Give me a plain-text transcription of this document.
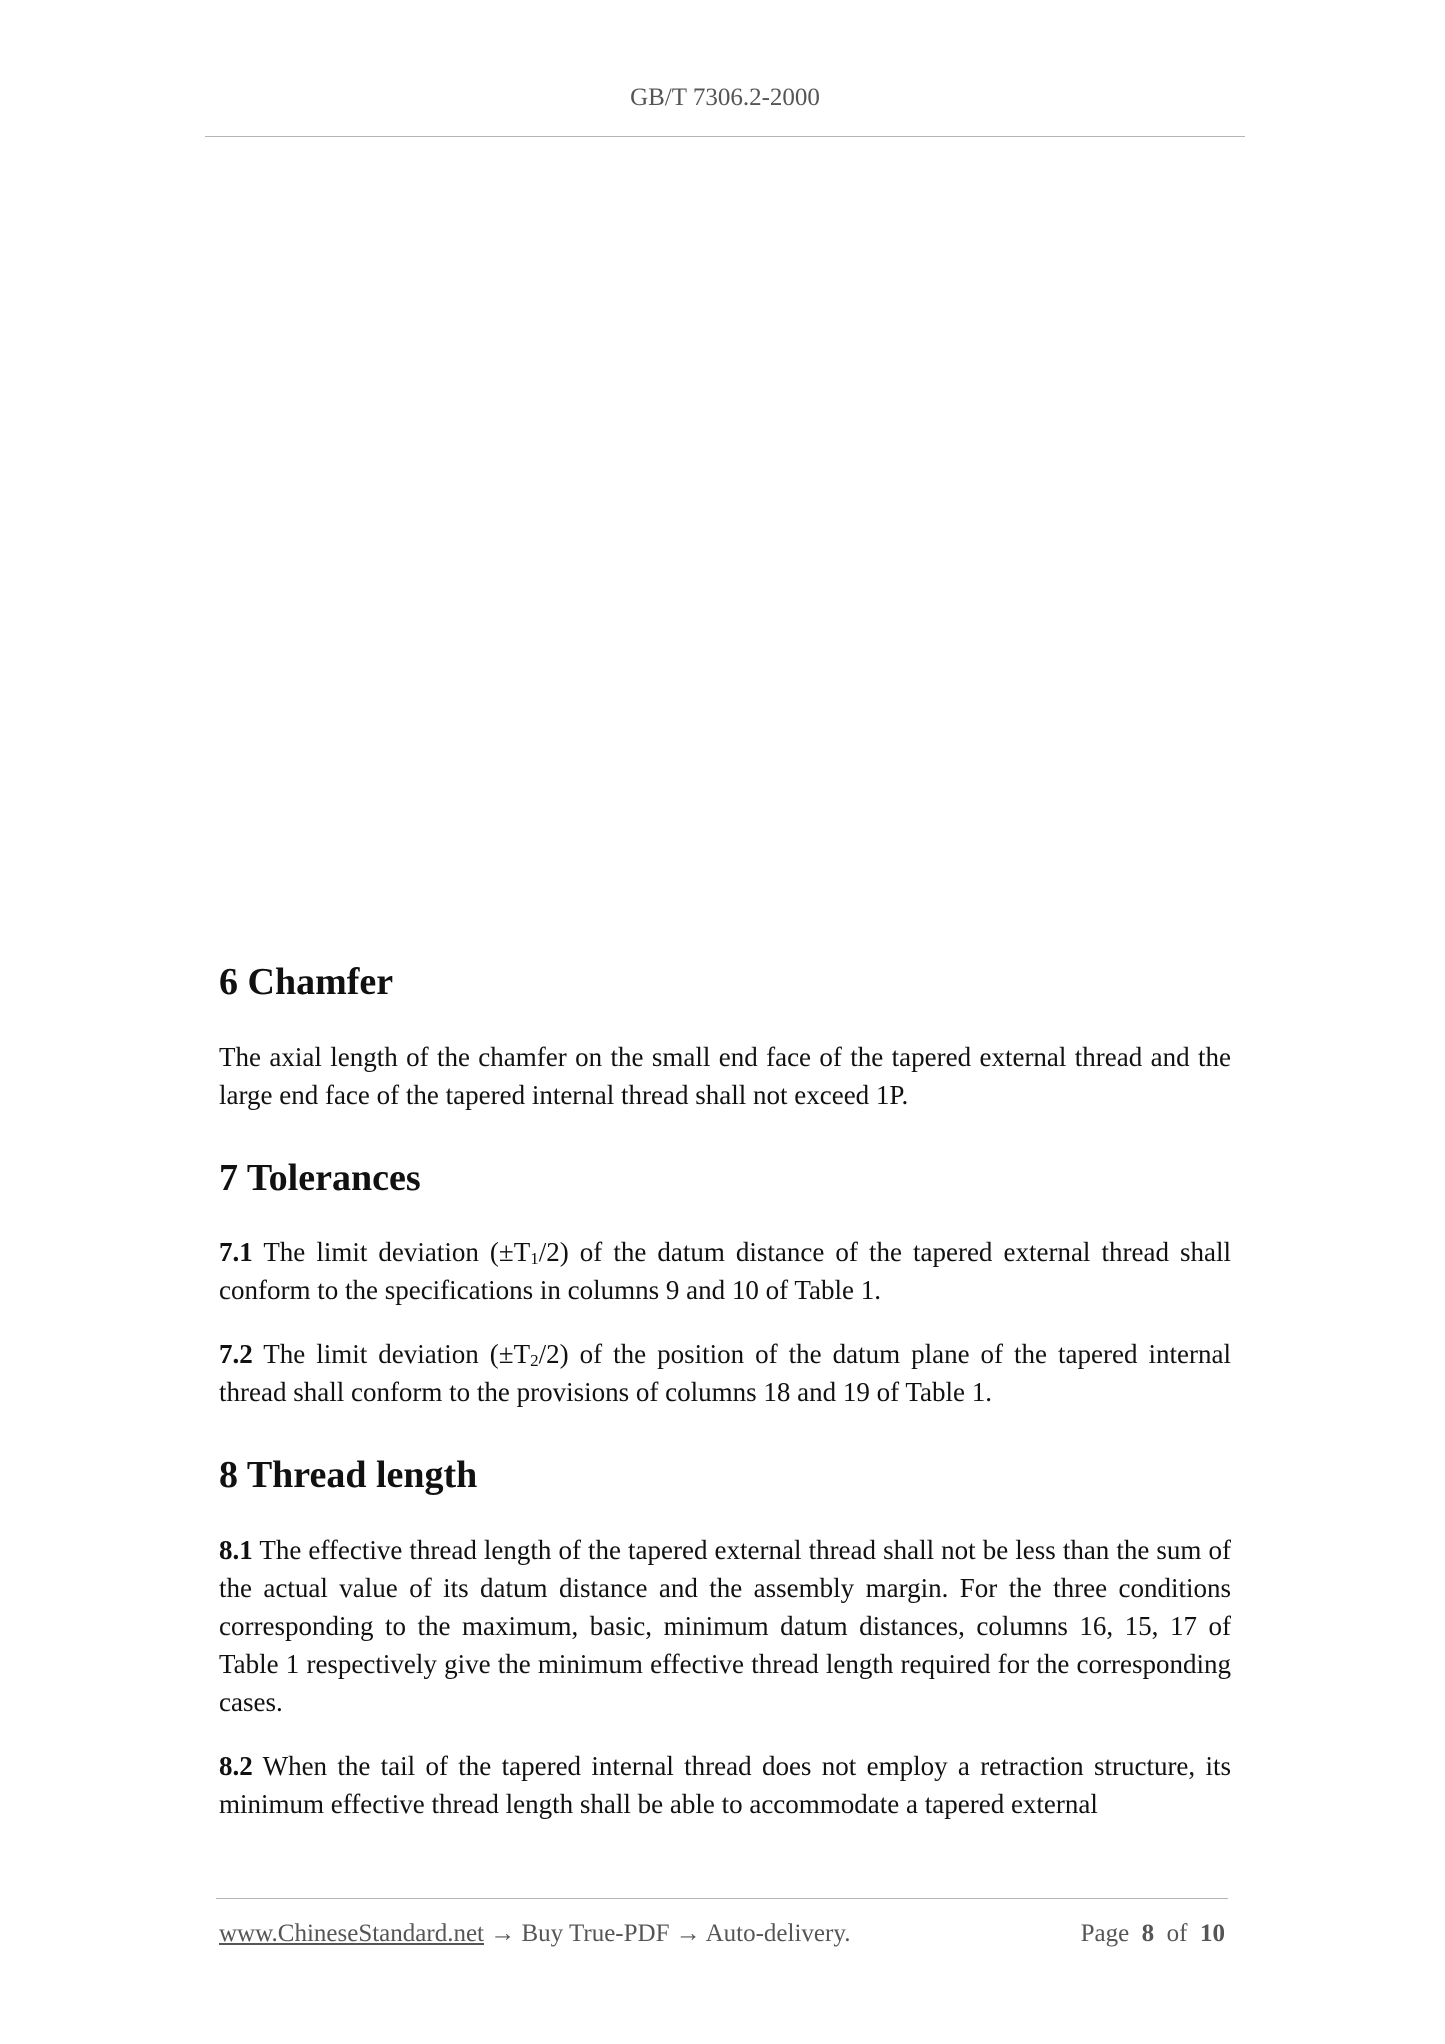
GB/T 7306.2-2000
6 Chamfer

The axial length of the chamfer on the small end face of the tapered external thread and the large end face of the tapered internal thread shall not exceed 1P.

7 Tolerances

7.1 The limit deviation $(\pm T_1/2)$ of the datum distance of the tapered external thread shall conform to the specifications in columns 9 and 10 of Table 1.

7.2 The limit deviation $(\pm T_2/2)$ of the position of the datum plane of the tapered internal thread shall conform to the provisions of columns 18 and 19 of Table 1.

8 Thread length

8.1 The effective thread length of the tapered external thread shall not be less than the sum of the actual value of its datum distance and the assembly margin. For the three conditions corresponding to the maximum, basic, minimum datum distances, columns 16, 15, 17 of Table 1 respectively give the minimum effective thread length required for the corresponding cases.

8.2 When the tail of the tapered internal thread does not employ a retraction structure, its minimum effective thread length shall be able to accommodate a tapered external

www.ChineseStandard.net → Buy True-PDF → Auto-delivery.	Page 8 of 10
